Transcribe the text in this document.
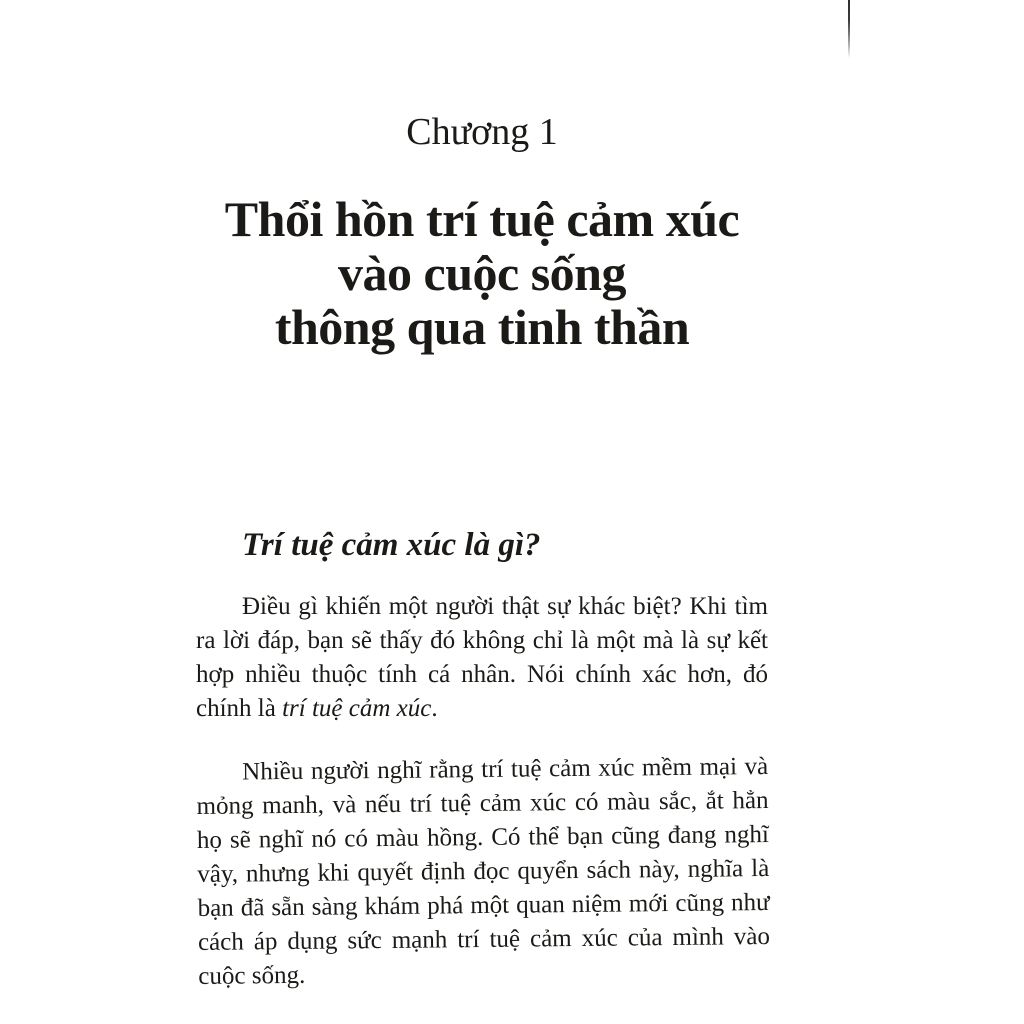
Chương 1
Thổi hồn trí tuệ cảm xúc
vào cuộc sống
thông qua tinh thần
Trí tuệ cảm xúc là gì?

Điều gì khiến một người thật sự khác biệt? Khi tìm ra lời đáp, bạn sẽ thấy đó không chỉ là một mà là sự kết hợp nhiều thuộc tính cá nhân. Nói chính xác hơn, đó chính là trí tuệ cảm xúc.

Nhiều người nghĩ rằng trí tuệ cảm xúc mềm mại và mỏng manh, và nếu trí tuệ cảm xúc có màu sắc, ắt hẳn họ sẽ nghĩ nó có màu hồng. Có thể bạn cũng đang nghĩ vậy, nhưng khi quyết định đọc quyển sách này, nghĩa là bạn đã sẵn sàng khám phá một quan niệm mới cũng như cách áp dụng sức mạnh trí tuệ cảm xúc của mình vào cuộc sống.
